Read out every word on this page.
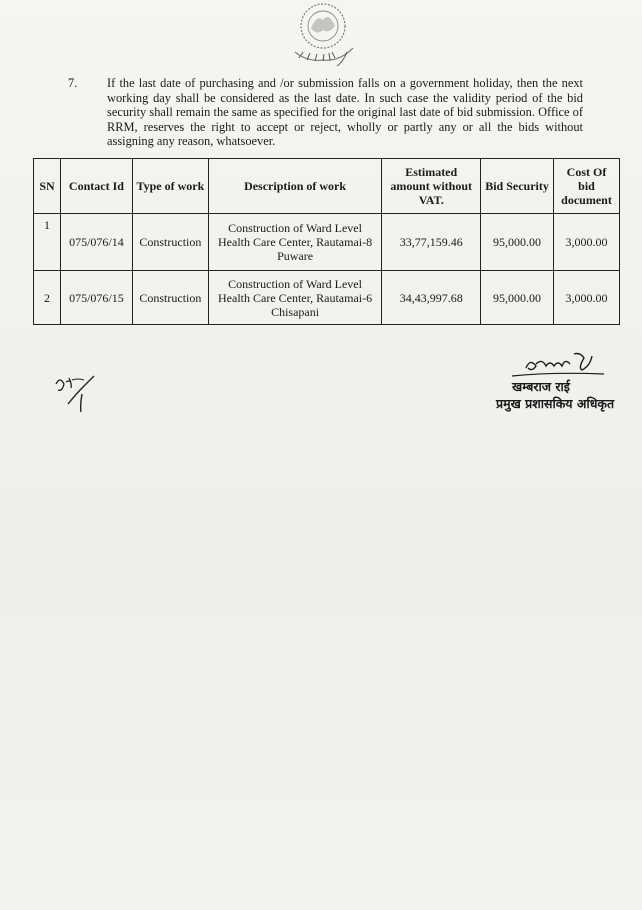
7.	If the last date of purchasing and /or submission falls on a government holiday, then the next working day shall be considered as the last date. In such case the validity period of the bid security shall remain the same as specified for the original last date of bid submission. Office of RRM, reserves the right to accept or reject, wholly or partly any or all the bids without assigning any reason, whatsoever.
SN	Contact Id	Type of work	Description of work	Estimated amount without VAT.	Bid Security	Cost Of bid document
1	075/076/14	Construction	Construction of Ward Level Health Care Center, Rautamai-8 Puware	33,77,159.46	95,000.00	3,000.00
2	075/076/15	Construction	Construction of Ward Level Health Care Center, Rautamai-6 Chisapani	34,43,997.68	95,000.00	3,000.00
खम्बराज राई
प्रमुख प्रशासकिय अधिकृत
